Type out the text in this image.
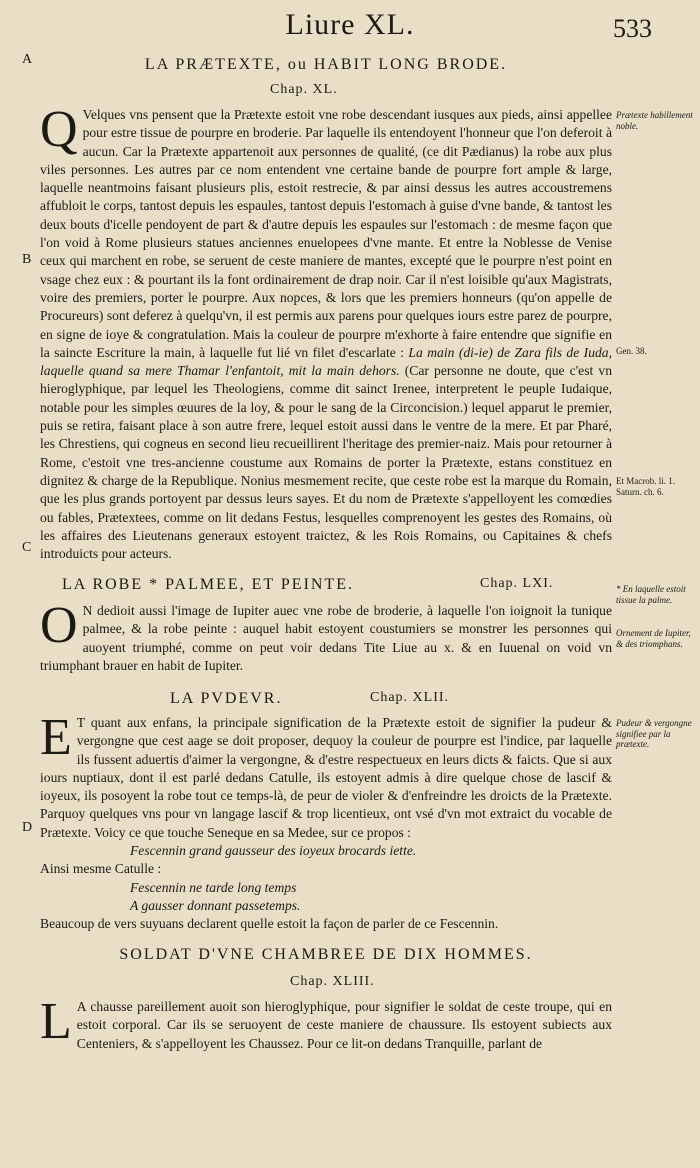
Liure XL.	533
A
B
C
D
LA PRÆTEXTE, ou HABIT LONG BRODE.
Chap. XL.
Q Velques vns pensent que la Prætexte estoit vne robe descendant iusques aux pieds, ainsi appellee pour estre tissue de pourpre en broderie. Par laquelle ils entendoyent l'honneur que l'on deferoit à aucun. Car la Prætexte appartenoit aux personnes de qualité, (ce dit Pædianus) la robe aux plus viles personnes. Les autres par ce nom entendent vne certaine bande de pourpre fort ample & large, laquelle neantmoins faisant plusieurs plis, estoit restrecie, & par ainsi dessus les autres accoustremens affubloit le corps, tantost depuis les espaules, tantost depuis l'estomach à guise d'vne bande, & tantost les deux bouts d'icelle pendoyent de part & d'autre depuis les espaules sur l'estomach : de mesme façon que l'on void à Rome plusieurs statues anciennes enuelopees d'vne mante. Et entre la Noblesse de Venise ceux qui marchent en robe, se seruent de ceste maniere de mantes, excepté que le pourpre n'est point en vsage chez eux : & pourtant ils la font ordinairement de drap noir. Car il n'est loisible qu'aux Magistrats, voire des premiers, porter le pourpre. Aux nopces, & lors que les premiers honneurs (qu'on appelle de Procureurs) sont deferez à quelqu'vn, il est permis aux parens pour quelques iours estre parez de pourpre, en signe de ioye & congratulation. Mais la couleur de pourpre m'exhorte à faire entendre que signifie en la saincte Escriture la main, à laquelle fut lié vn filet d'escarlate : La main (di-ie) de Zara fils de Iuda, laquelle quand sa mere Thamar l'enfantoit, mit la main dehors. (Car personne ne doute, que c'est vn hieroglyphique, par lequel les Theologiens, comme dit sainct Irenee, interpretent le peuple Iudaique, notable pour les simples œuures de la loy, & pour le sang de la Circoncision.) lequel apparut le premier, puis se retira, faisant place à son autre frere, lequel estoit aussi dans le ventre de la mere. Et par Pharé, les Chrestiens, qui cogneus en second lieu recueillirent l'heritage des premier-naiz. Mais pour retourner à Rome, c'estoit vne tres-ancienne coustume aux Romains de porter la Prætexte, estans constituez en dignitez & charge de la Republique. Nonius mesmement recite, que ceste robe est la marque du Romain, que les plus grands portoyent par dessus leurs sayes. Et du nom de Prætexte s'appelloyent les comœdies ou fables, Prætextees, comme on lit dedans Festus, lesquelles comprenoyent les gestes des Romains, où les affaires des Lieutenans generaux estoyent traictez, & les Rois Romains, ou Capitaines & chefs introduicts pour acteurs.
LA ROBE * PALMEE, ET PEINTE.	Chap. LXI.
O N dedioit aussi l'image de Iupiter auec vne robe de broderie, à laquelle l'on ioignoit la tunique palmee, & la robe peinte : auquel habit estoyent coustumiers se monstrer les personnes qui auoyent triumphé, comme on peut voir dedans Tite Liue au x. & en Iuuenal on void vn triumphant brauer en habit de Iupiter.
LA PVDEVR.	Chap. XLII.

E T quant aux enfans, la principale signification de la Prætexte estoit de signifier la pudeur & vergongne que cest aage se doit proposer, dequoy la couleur de pourpre est l'indice, par laquelle ils fussent aduertis d'aimer la vergongne, & d'estre respectueux en leurs dicts & faicts. Que si aux iours nuptiaux, dont il est parlé dedans Catulle, ils estoyent admis à dire quelque chose de lascif & ioyeux, ils posoyent la robe tout ce temps-là, de peur de violer & d'enfreindre les droicts de la Prætexte. Parquoy quelques vns pour vn langage lascif & trop licentieux, ont vsé d'vn mot extraict du vocable de Prætexte. Voicy ce que touche Seneque en sa Medee, sur ce propos :

Fescennin grand gausseur des ioyeux brocards iette.

Ainsi mesme Catulle :

Fescennin ne tarde long temps

A gausser donnant passetemps.

Beaucoup de vers suyuans declarent quelle estoit la façon de parler de ce Fescennin.

SOLDAT D'VNE CHAMBREE DE DIX HOMMES.
Chap. XLIII.
L A chausse pareillement auoit son hieroglyphique, pour signifier le soldat de ceste troupe, qui en estoit corporal. Car ils se seruoyent de ceste maniere de chaussure. Ils estoyent subiects aux Centeniers, & s'appelloyent les Chaussez. Pour ce lit-on dedans Tranquille, parlant de
Prætexte habillement noble.
Gen. 38.
Et Macrob. li. 1. Saturn. ch. 6.
* En laquelle estoit tissue la palme.
Ornement de Iupiter, & des triomphans.
Pudeur & vergongne signifiee par la prætexte.
